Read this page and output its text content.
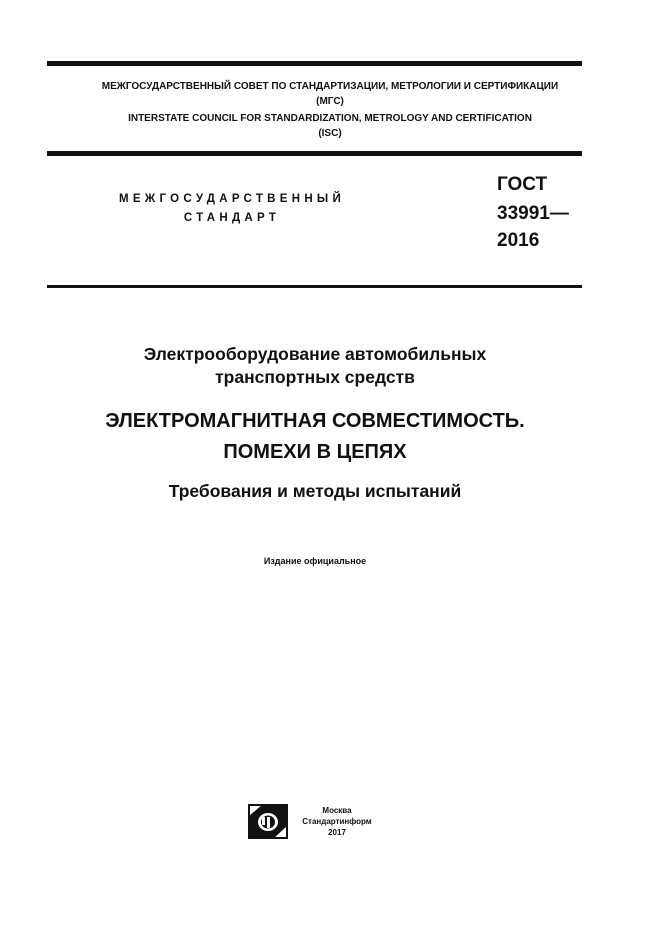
МЕЖГОСУДАРСТВЕННЫЙ СОВЕТ ПО СТАНДАРТИЗАЦИИ, МЕТРОЛОГИИ И СЕРТИФИКАЦИИ
(МГС)
INTERSTATE COUNCIL FOR STANDARDIZATION, METROLOGY AND CERTIFICATION
(ISC)
МЕЖГОСУДАРСТВЕННЫЙ
СТАНДАРТ
ГОСТ
33991—
2016
Электрооборудование автомобильных
транспортных средств
ЭЛЕКТРОМАГНИТНАЯ СОВМЕСТИМОСТЬ.
ПОМЕХИ В ЦЕПЯХ
Требования и методы испытаний
Издание официальное
Москва
Стандартинформ
2017
